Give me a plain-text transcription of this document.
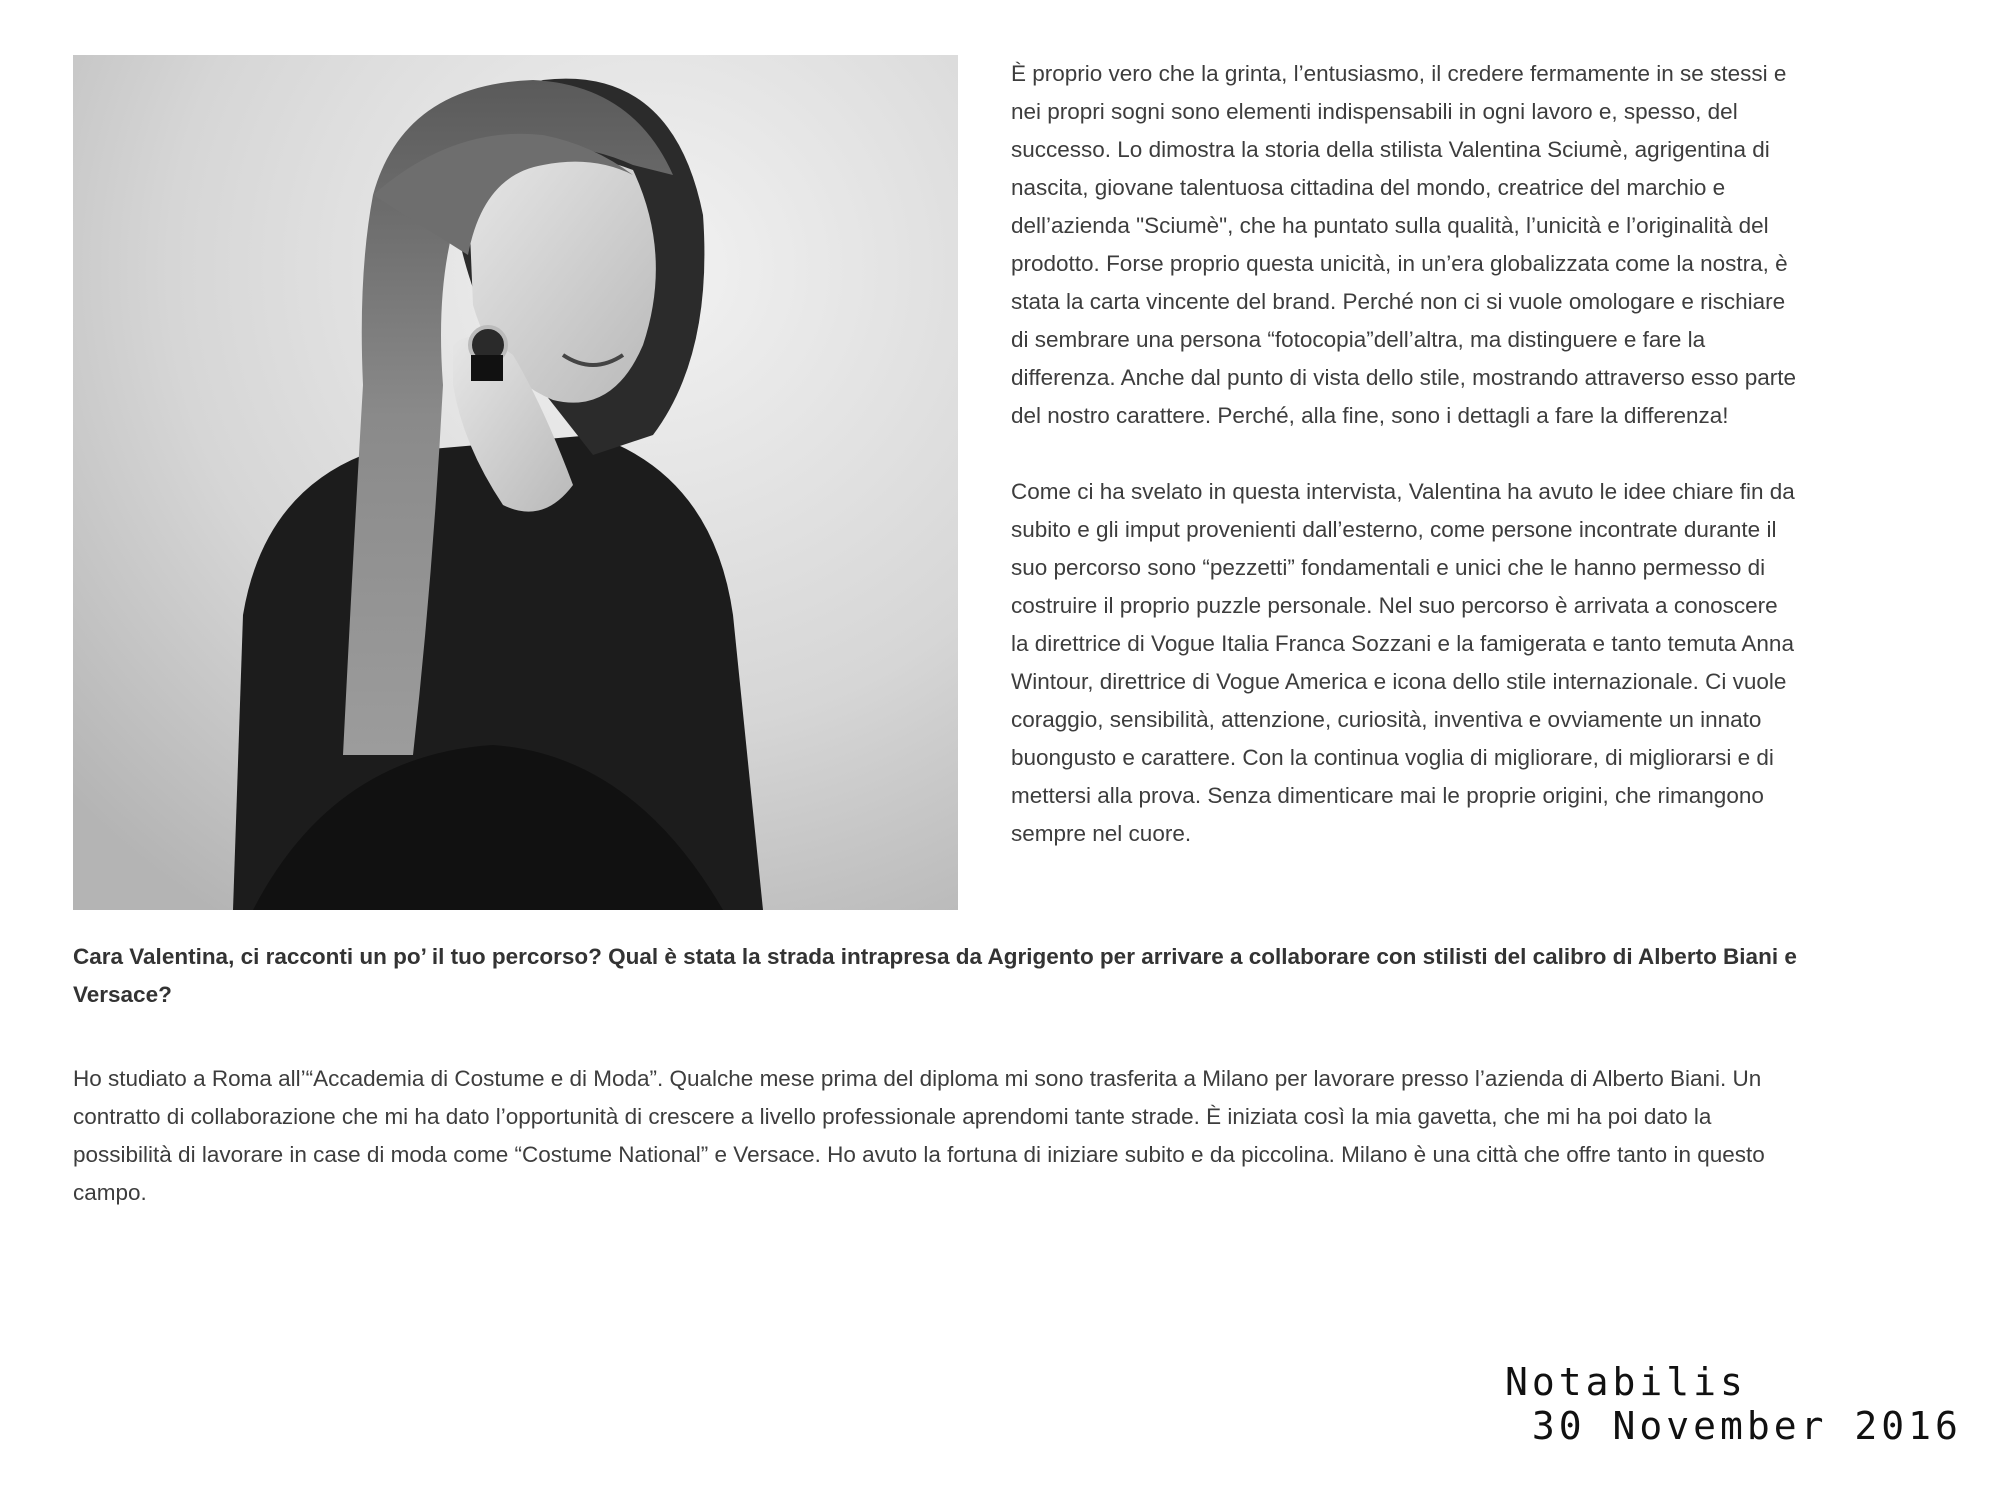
È proprio vero che la grinta, l’entusiasmo, il credere fermamente in se stessi e nei propri sogni sono elementi indispensabili in ogni lavoro e, spesso, del successo. Lo dimostra la storia della stilista Valentina Sciumè, agrigentina di nascita, giovane talentuosa cittadina del mondo, creatrice del marchio e dell’azienda "Sciumè", che ha puntato sulla qualità, l’unicità e l’originalità del prodotto. Forse proprio questa unicità, in un’era globalizzata come la nostra, è stata la carta vincente del brand. Perché non ci si vuole omologare e rischiare di sembrare una persona “fotocopia”dell’altra, ma distinguere e fare la differenza. Anche dal punto di vista dello stile, mostrando attraverso esso parte del nostro carattere. Perché, alla fine, sono i dettagli a fare la differenza!

Come ci ha svelato in questa intervista, Valentina ha avuto le idee chiare fin da subito e gli imput provenienti dall’esterno, come persone incontrate durante il suo percorso sono “pezzetti” fondamentali e unici che le hanno permesso di costruire il proprio puzzle personale. Nel suo percorso è arrivata a conoscere la direttrice di Vogue Italia Franca Sozzani e la famigerata e tanto temuta Anna Wintour, direttrice di Vogue America e icona dello stile internazionale. Ci vuole coraggio, sensibilità, attenzione, curiosità, inventiva e ovviamente un innato buongusto e carattere. Con la continua voglia di migliorare, di migliorarsi e di mettersi alla prova. Senza dimenticare mai le proprie origini, che rimangono sempre nel cuore.

Cara Valentina, ci racconti un po’ il tuo percorso? Qual è stata la strada intrapresa da Agrigento per arrivare a collaborare con stilisti del calibro di Alberto Biani e Versace?

Ho studiato a Roma all’“Accademia di Costume e di Moda”. Qualche mese prima del diploma mi sono trasferita a Milano per lavorare presso l’azienda di Alberto Biani. Un contratto di collaborazione che mi ha dato l’opportunità di crescere a livello professionale aprendomi tante strade. È iniziata così la mia gavetta, che mi ha poi dato la possibilità di lavorare in case di moda come “Costume National” e Versace. Ho avuto la fortuna di iniziare subito e da piccolina. Milano è una città che offre tanto in questo campo.

Notabilis
30 November 2016
